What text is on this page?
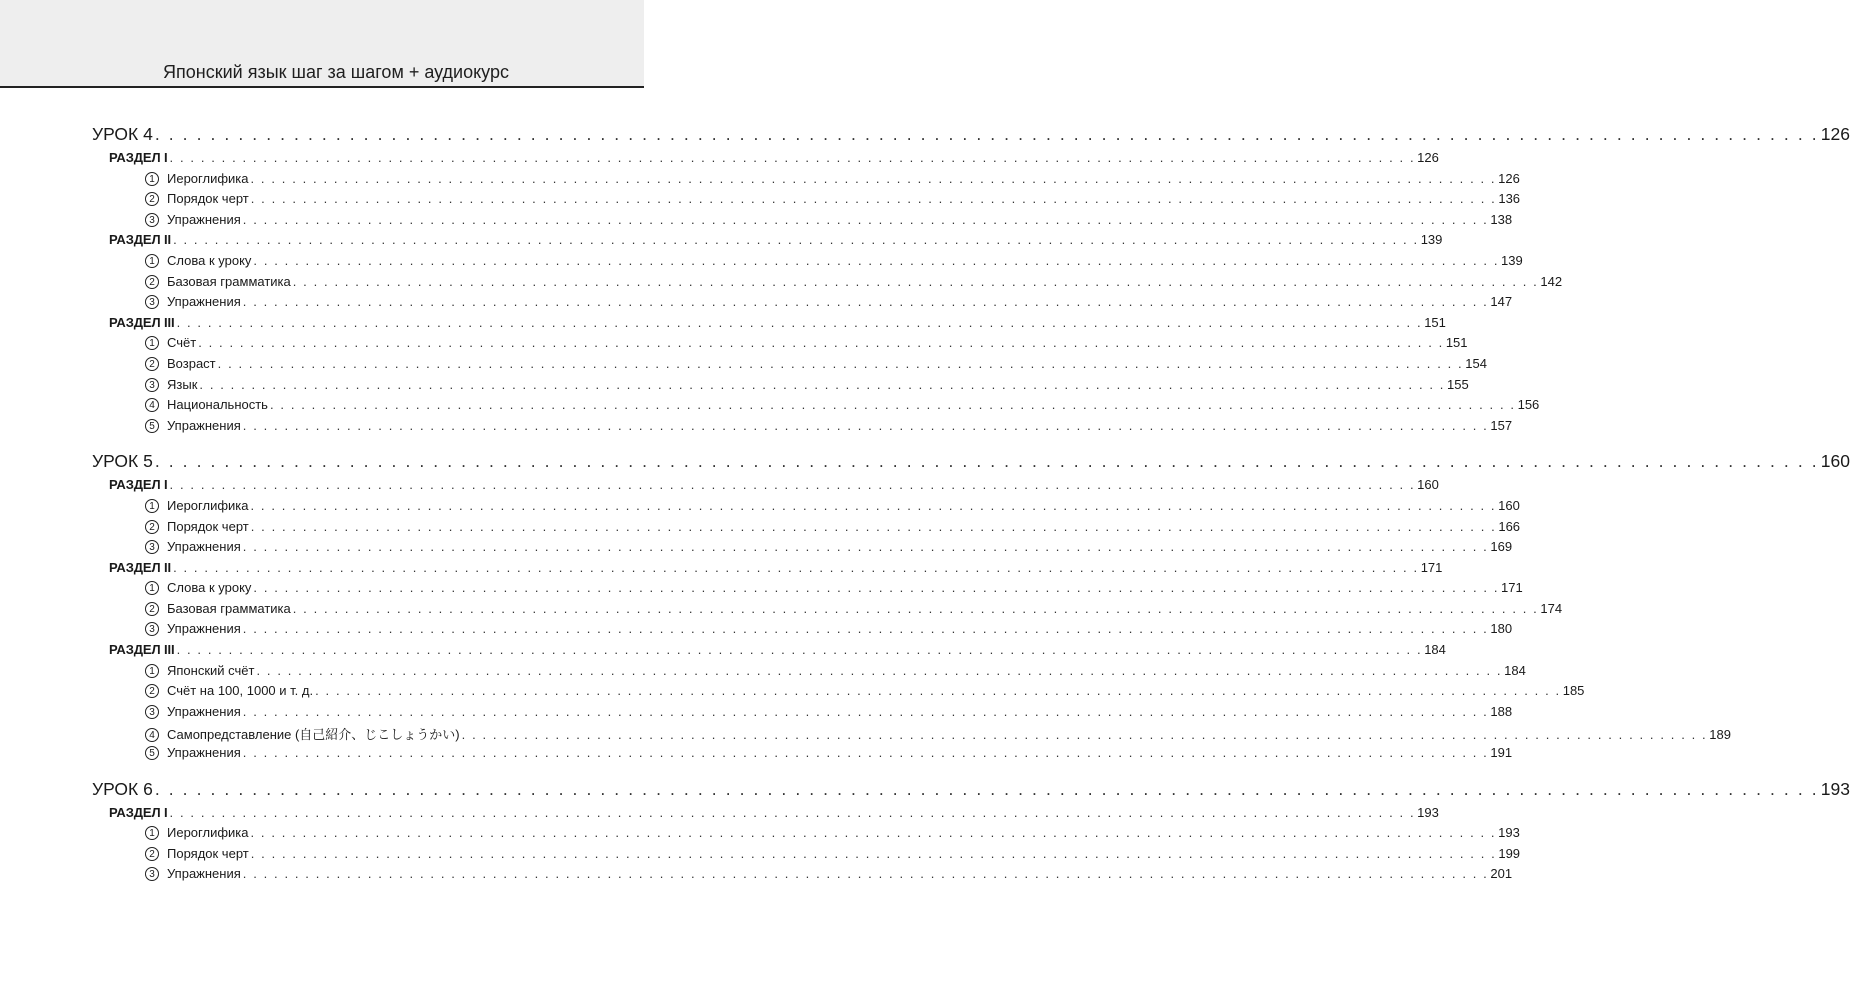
Японский язык шаг за шагом + аудиокурс
УРОК 4 . . . . . . . . . . . . . . . . . . . . . . . . . . . . . . . . . . . . . . . . . . . . . . . . . . . . . . . . . . . . . . . . . . . . . . . . . . . . . . . . . . . . . . . . . . . . . . . . . . . . . . . . . . . . . . . . . . . . . . . . 126
РАЗДЕЛ I . . . . . . . . . . . . . . . . . . . . . . . . . . . . . . . . . . . . . . . . . . . . . . . . . . . . . . . . . . . . . . . . . . . . . . . . . . . . . . . . . . . . . . . . . . . . . . . . . . . . . . . . . . . . . . . . . . . . . . . . 126
1 Иероглифика . . . . . . . . . . . . . . . . . . . . . . . . . . . . . . . . . . . . . . . . . . . . . . . . . . . . . . . . . . . . . . . . . . . . . . . . . . . . . . . . . . . . . . . . . . . . . . . . . . . . . . . . . . . . . . . . . . . . . . . . 126
2 Порядок черт . . . . . . . . . . . . . . . . . . . . . . . . . . . . . . . . . . . . . . . . . . . . . . . . . . . . . . . . . . . . . . . . . . . . . . . . . . . . . . . . . . . . . . . . . . . . . . . . . . . . . . . . . . . . . . . . . . . . . . . . 136
3 Упражнения . . . . . . . . . . . . . . . . . . . . . . . . . . . . . . . . . . . . . . . . . . . . . . . . . . . . . . . . . . . . . . . . . . . . . . . . . . . . . . . . . . . . . . . . . . . . . . . . . . . . . . . . . . . . . . . . . . . . . . . . 138
РАЗДЕЛ II . . . . . . . . . . . . . . . . . . . . . . . . . . . . . . . . . . . . . . . . . . . . . . . . . . . . . . . . . . . . . . . . . . . . . . . . . . . . . . . . . . . . . . . . . . . . . . . . . . . . . . . . . . . . . . . . . . . . . . . . 139
1 Слова к уроку . . . . . . . . . . . . . . . . . . . . . . . . . . . . . . . . . . . . . . . . . . . . . . . . . . . . . . . . . . . . . . . . . . . . . . . . . . . . . . . . . . . . . . . . . . . . . . . . . . . . . . . . . . . . . . . . . . . . . . . . 139
2 Базовая грамматика . . . . . . . . . . . . . . . . . . . . . . . . . . . . . . . . . . . . . . . . . . . . . . . . . . . . . . . . . . . . . . . . . . . . . . . . . . . . . . . . . . . . . . . . . . . . . . . . . . . . . . . . . . . . . . . . . . . . . . . . 142
3 Упражнения . . . . . . . . . . . . . . . . . . . . . . . . . . . . . . . . . . . . . . . . . . . . . . . . . . . . . . . . . . . . . . . . . . . . . . . . . . . . . . . . . . . . . . . . . . . . . . . . . . . . . . . . . . . . . . . . . . . . . . . . 147
РАЗДЕЛ III . . . . . . . . . . . . . . . . . . . . . . . . . . . . . . . . . . . . . . . . . . . . . . . . . . . . . . . . . . . . . . . . . . . . . . . . . . . . . . . . . . . . . . . . . . . . . . . . . . . . . . . . . . . . . . . . . . . . . . . . 151
1 Счёт . . . . . . . . . . . . . . . . . . . . . . . . . . . . . . . . . . . . . . . . . . . . . . . . . . . . . . . . . . . . . . . . . . . . . . . . . . . . . . . . . . . . . . . . . . . . . . . . . . . . . . . . . . . . . . . . . . . . . . . . 151
2 Возраст . . . . . . . . . . . . . . . . . . . . . . . . . . . . . . . . . . . . . . . . . . . . . . . . . . . . . . . . . . . . . . . . . . . . . . . . . . . . . . . . . . . . . . . . . . . . . . . . . . . . . . . . . . . . . . . . . . . . . . . . 154
3 Язык . . . . . . . . . . . . . . . . . . . . . . . . . . . . . . . . . . . . . . . . . . . . . . . . . . . . . . . . . . . . . . . . . . . . . . . . . . . . . . . . . . . . . . . . . . . . . . . . . . . . . . . . . . . . . . . . . . . . . . . . 155
4 Национальность . . . . . . . . . . . . . . . . . . . . . . . . . . . . . . . . . . . . . . . . . . . . . . . . . . . . . . . . . . . . . . . . . . . . . . . . . . . . . . . . . . . . . . . . . . . . . . . . . . . . . . . . . . . . . . . . . . . . . . . . 156
5 Упражнения . . . . . . . . . . . . . . . . . . . . . . . . . . . . . . . . . . . . . . . . . . . . . . . . . . . . . . . . . . . . . . . . . . . . . . . . . . . . . . . . . . . . . . . . . . . . . . . . . . . . . . . . . . . . . . . . . . . . . . . . 157
УРОК 5 . . . . . . . . . . . . . . . . . . . . . . . . . . . . . . . . . . . . . . . . . . . . . . . . . . . . . . . . . . . . . . . . . . . . . . . . . . . . . . . . . . . . . . . . . . . . . . . . . . . . . . . . . . . . . . . . . . . . . . . . 160
РАЗДЕЛ I . . . . . . . . . . . . . . . . . . . . . . . . . . . . . . . . . . . . . . . . . . . . . . . . . . . . . . . . . . . . . . . . . . . . . . . . . . . . . . . . . . . . . . . . . . . . . . . . . . . . . . . . . . . . . . . . . . . . . . . . 160
1 Иероглифика . . . . . . . . . . . . . . . . . . . . . . . . . . . . . . . . . . . . . . . . . . . . . . . . . . . . . . . . . . . . . . . . . . . . . . . . . . . . . . . . . . . . . . . . . . . . . . . . . . . . . . . . . . . . . . . . . . . . . . . . 160
2 Порядок черт . . . . . . . . . . . . . . . . . . . . . . . . . . . . . . . . . . . . . . . . . . . . . . . . . . . . . . . . . . . . . . . . . . . . . . . . . . . . . . . . . . . . . . . . . . . . . . . . . . . . . . . . . . . . . . . . . . . . . . . . 166
3 Упражнения . . . . . . . . . . . . . . . . . . . . . . . . . . . . . . . . . . . . . . . . . . . . . . . . . . . . . . . . . . . . . . . . . . . . . . . . . . . . . . . . . . . . . . . . . . . . . . . . . . . . . . . . . . . . . . . . . . . . . . . . 169
РАЗДЕЛ II . . . . . . . . . . . . . . . . . . . . . . . . . . . . . . . . . . . . . . . . . . . . . . . . . . . . . . . . . . . . . . . . . . . . . . . . . . . . . . . . . . . . . . . . . . . . . . . . . . . . . . . . . . . . . . . . . . . . . . . . 171
1 Слова к уроку . . . . . . . . . . . . . . . . . . . . . . . . . . . . . . . . . . . . . . . . . . . . . . . . . . . . . . . . . . . . . . . . . . . . . . . . . . . . . . . . . . . . . . . . . . . . . . . . . . . . . . . . . . . . . . . . . . . . . . . . 171
2 Базовая грамматика . . . . . . . . . . . . . . . . . . . . . . . . . . . . . . . . . . . . . . . . . . . . . . . . . . . . . . . . . . . . . . . . . . . . . . . . . . . . . . . . . . . . . . . . . . . . . . . . . . . . . . . . . . . . . . . . . . . . . . . . 174
3 Упражнения . . . . . . . . . . . . . . . . . . . . . . . . . . . . . . . . . . . . . . . . . . . . . . . . . . . . . . . . . . . . . . . . . . . . . . . . . . . . . . . . . . . . . . . . . . . . . . . . . . . . . . . . . . . . . . . . . . . . . . . . 180
РАЗДЕЛ III . . . . . . . . . . . . . . . . . . . . . . . . . . . . . . . . . . . . . . . . . . . . . . . . . . . . . . . . . . . . . . . . . . . . . . . . . . . . . . . . . . . . . . . . . . . . . . . . . . . . . . . . . . . . . . . . . . . . . . . . 184
1 Японский счёт . . . . . . . . . . . . . . . . . . . . . . . . . . . . . . . . . . . . . . . . . . . . . . . . . . . . . . . . . . . . . . . . . . . . . . . . . . . . . . . . . . . . . . . . . . . . . . . . . . . . . . . . . . . . . . . . . . . . . . . . 184
2 Счёт на 100, 1000 и т. д. . . . . . . . . . . . . . . . . . . . . . . . . . . . . . . . . . . . . . . . . . . . . . . . . . . . . . . . . . . . . . . . . . . . . . . . . . . . . . . . . . . . . . . . . . . . . . . . . . . . . . . . . . . . . . . . . . . . . . . . . 185
3 Упражнения . . . . . . . . . . . . . . . . . . . . . . . . . . . . . . . . . . . . . . . . . . . . . . . . . . . . . . . . . . . . . . . . . . . . . . . . . . . . . . . . . . . . . . . . . . . . . . . . . . . . . . . . . . . . . . . . . . . . . . . . 188
4 Самопредставление (自己紹介、じこしょうかい) . . . . . . . . . . . . . . . . . . . . . . . . . . . . . . . . . . . . . . . . . . . . . . . . . . . . . . . . . . . . . . . . . . . . . . . . . . . . . . . . . . . . . . . . . . . . . . . . . . . . . . . . . . . . . . . . . . . . . . . . 189
5 Упражнения . . . . . . . . . . . . . . . . . . . . . . . . . . . . . . . . . . . . . . . . . . . . . . . . . . . . . . . . . . . . . . . . . . . . . . . . . . . . . . . . . . . . . . . . . . . . . . . . . . . . . . . . . . . . . . . . . . . . . . . . 191
УРОК 6 . . . . . . . . . . . . . . . . . . . . . . . . . . . . . . . . . . . . . . . . . . . . . . . . . . . . . . . . . . . . . . . . . . . . . . . . . . . . . . . . . . . . . . . . . . . . . . . . . . . . . . . . . . . . . . . . . . . . . . . . 193
РАЗДЕЛ I . . . . . . . . . . . . . . . . . . . . . . . . . . . . . . . . . . . . . . . . . . . . . . . . . . . . . . . . . . . . . . . . . . . . . . . . . . . . . . . . . . . . . . . . . . . . . . . . . . . . . . . . . . . . . . . . . . . . . . . . 193
1 Иероглифика . . . . . . . . . . . . . . . . . . . . . . . . . . . . . . . . . . . . . . . . . . . . . . . . . . . . . . . . . . . . . . . . . . . . . . . . . . . . . . . . . . . . . . . . . . . . . . . . . . . . . . . . . . . . . . . . . . . . . . . . 193
2 Порядок черт . . . . . . . . . . . . . . . . . . . . . . . . . . . . . . . . . . . . . . . . . . . . . . . . . . . . . . . . . . . . . . . . . . . . . . . . . . . . . . . . . . . . . . . . . . . . . . . . . . . . . . . . . . . . . . . . . . . . . . . . 199
3 Упражнения . . . . . . . . . . . . . . . . . . . . . . . . . . . . . . . . . . . . . . . . . . . . . . . . . . . . . . . . . . . . . . . . . . . . . . . . . . . . . . . . . . . . . . . . . . . . . . . . . . . . . . . . . . . . . . . . . . . . . . . . 201
